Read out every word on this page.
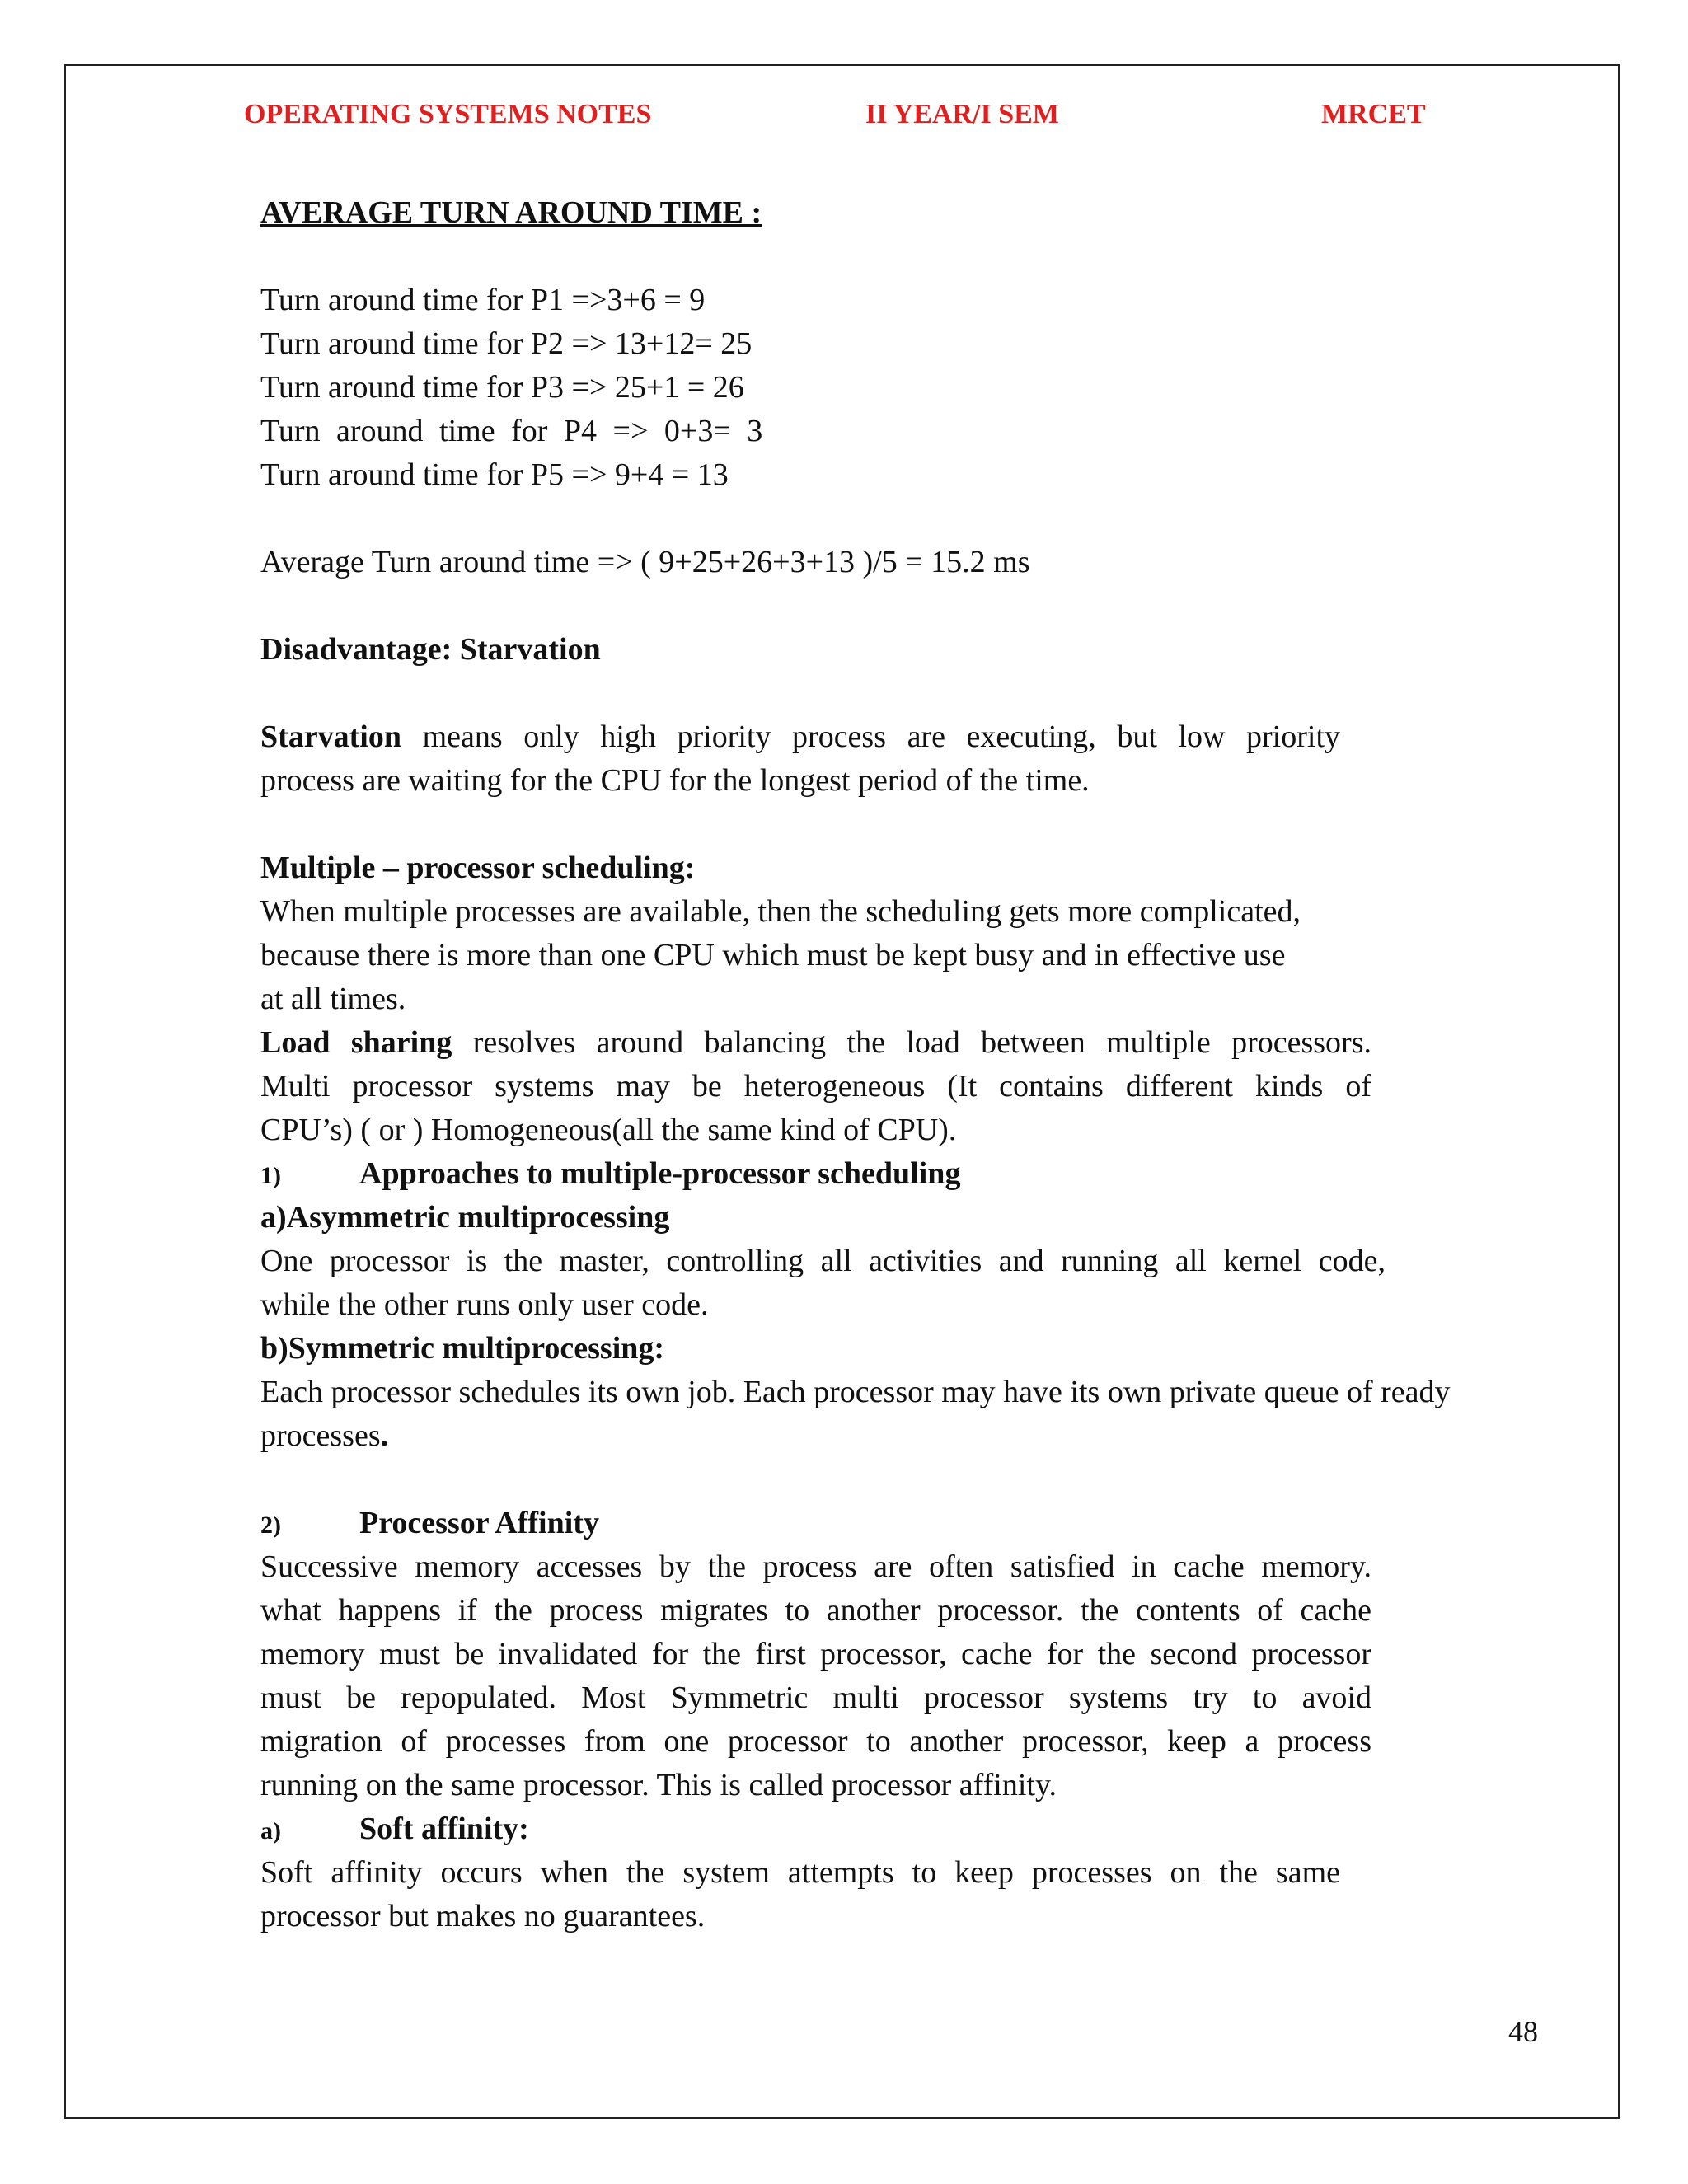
OPERATING SYSTEMS NOTES	II YEAR/I SEM	MRCET
AVERAGE TURN AROUND TIME :
Turn around time for P1 =>3+6 = 9
Turn around time for P2 => 13+12= 25
Turn around time for P3 => 25+1 = 26
Turn around time for P4 => 0+3= 3
Turn around time for P5 => 9+4 = 13
Average Turn around time => ( 9+25+26+3+13 )/5 = 15.2 ms
Disadvantage: Starvation
Starvation means only high priority process are executing, but low priority
process are waiting for the CPU for the longest period of the time.
Multiple – processor scheduling:
When multiple processes are available, then the scheduling gets more complicated,
because there is more than one CPU which must be kept busy and in effective use
at all times.
Load sharing resolves around balancing the load between multiple processors.
Multi processor systems may be heterogeneous (It contains different kinds of
CPU’s) ( or ) Homogeneous(all the same kind of CPU).
1)	Approaches to multiple-processor scheduling
a)Asymmetric multiprocessing
One processor is the master, controlling all activities and running all kernel code,
while the other runs only user code.
b)Symmetric multiprocessing:
Each processor schedules its own job. Each processor may have its own private queue of ready
processes.
2)	Processor Affinity
Successive memory accesses by the process are often satisfied in cache memory.
what happens if the process migrates to another processor. the contents of cache
memory must be invalidated for the first processor, cache for the second processor
must be repopulated. Most Symmetric multi processor systems try to avoid
migration of processes from one processor to another processor, keep a process
running on the same processor. This is called processor affinity.
a)	Soft affinity:
Soft affinity occurs when the system attempts to keep processes on the same
processor but makes no guarantees.
48
